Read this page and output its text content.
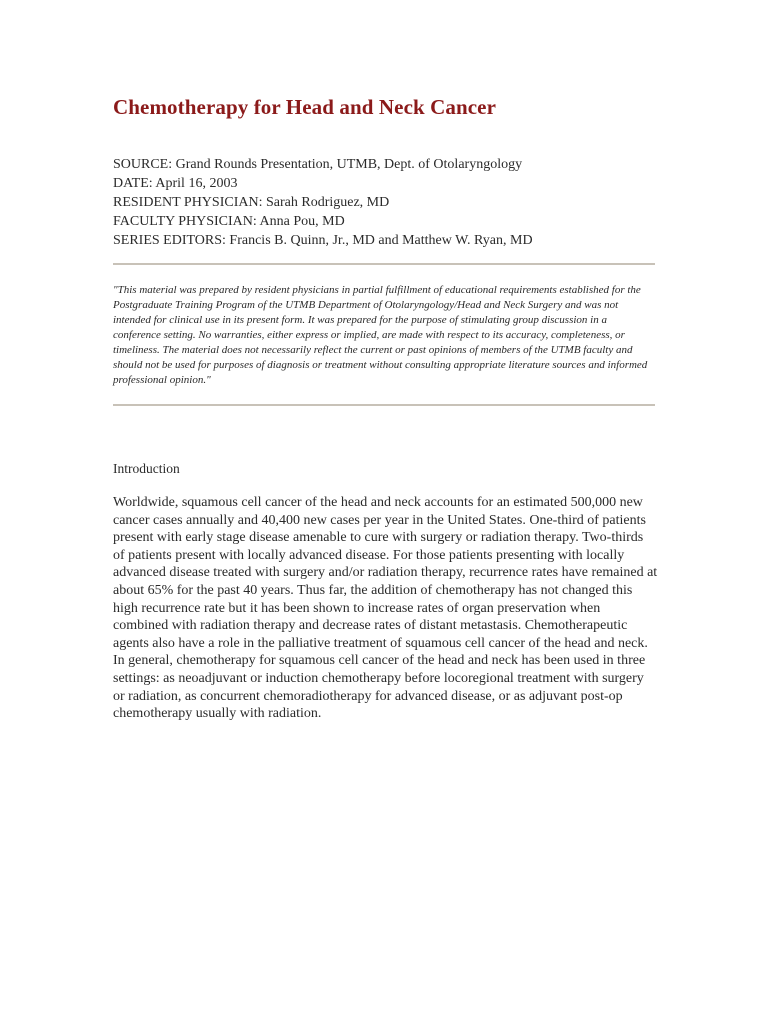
Chemotherapy for Head and Neck Cancer
SOURCE: Grand Rounds Presentation, UTMB, Dept. of Otolaryngology
DATE: April 16, 2003
RESIDENT PHYSICIAN: Sarah Rodriguez, MD
FACULTY PHYSICIAN: Anna Pou, MD
SERIES EDITORS: Francis B. Quinn, Jr., MD and Matthew W. Ryan, MD
"This material was prepared by resident physicians in partial fulfillment of educational requirements established for the Postgraduate Training Program of the UTMB Department of Otolaryngology/Head and Neck Surgery and was not intended for clinical use in its present form. It was prepared for the purpose of stimulating group discussion in a conference setting. No warranties, either express or implied, are made with respect to its accuracy, completeness, or timeliness. The material does not necessarily reflect the current or past opinions of members of the UTMB faculty and should not be used for purposes of diagnosis or treatment without consulting appropriate literature sources and informed professional opinion."
Introduction
Worldwide, squamous cell cancer of the head and neck accounts for an estimated 500,000 new cancer cases annually and 40,400 new cases per year in the United States. One-third of patients present with early stage disease amenable to cure with surgery or radiation therapy. Two-thirds of patients present with locally advanced disease. For those patients presenting with locally advanced disease treated with surgery and/or radiation therapy, recurrence rates have remained at about 65% for the past 40 years. Thus far, the addition of chemotherapy has not changed this high recurrence rate but it has been shown to increase rates of organ preservation when combined with radiation therapy and decrease rates of distant metastasis. Chemotherapeutic agents also have a role in the palliative treatment of squamous cell cancer of the head and neck. In general, chemotherapy for squamous cell cancer of the head and neck has been used in three settings: as neoadjuvant or induction chemotherapy before locoregional treatment with surgery or radiation, as concurrent chemoradiotherapy for advanced disease, or as adjuvant post-op chemotherapy usually with radiation.
